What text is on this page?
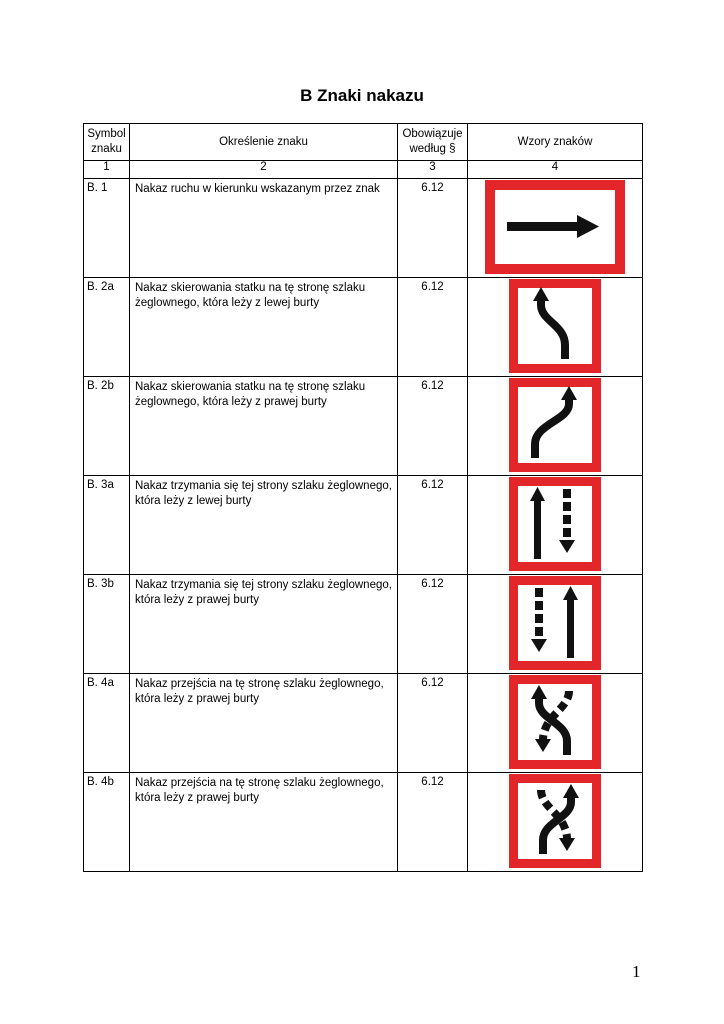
B Znaki nakazu
Symbol znaku	Określenie znaku	Obowiązuje według §	Wzory znaków
1	2	3	4
B. 1	Nakaz ruchu w kierunku wskazanym przez znak	6.12	
B. 2a	Nakaz skierowania statku na tę stronę szlaku żeglownego, która leży z lewej burty	6.12	
B. 2b	Nakaz skierowania statku na tę stronę szlaku żeglownego, która leży z prawej burty	6.12	
B. 3a	Nakaz trzymania się tej strony szlaku żeglownego, która leży z lewej burty	6.12	
B. 3b	Nakaz trzymania się tej strony szlaku żeglownego, która leży z prawej burty	6.12	
B. 4a	Nakaz przejścia na tę stronę szlaku żeglownego, która leży z prawej burty	6.12	
B. 4b	Nakaz przejścia na tę stronę szlaku żeglownego, która leży z prawej burty	6.12	
1
